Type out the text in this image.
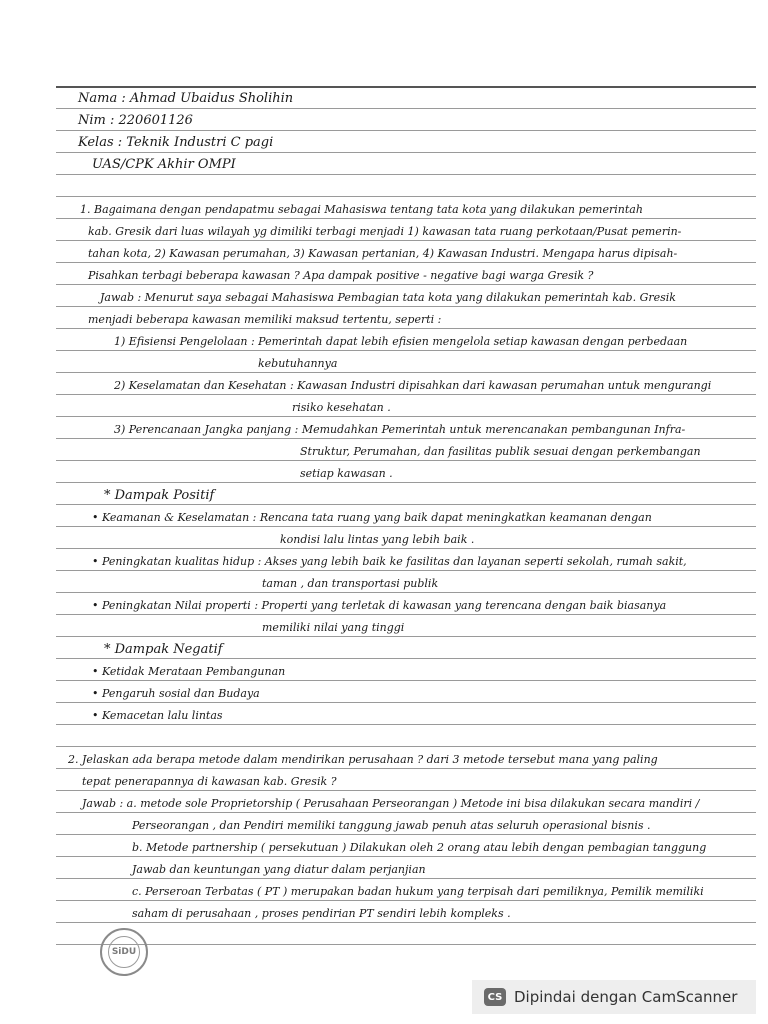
Nama : Ahmad Ubaidus Sholihin
Nim : 220601126
Kelas : Teknik Industri C pagi
UAS/CPK Akhir OMPI
1. Bagaimana dengan pendapatmu sebagai Mahasiswa tentang tata kota yang dilakukan pemerintah
kab. Gresik dari luas wilayah yg dimiliki terbagi menjadi 1) kawasan tata ruang perkotaan/Pusat pemerin-
tahan kota, 2) Kawasan perumahan, 3) Kawasan pertanian, 4) Kawasan Industri. Mengapa harus dipisah-
Pisahkan terbagi beberapa kawasan ? Apa dampak positive - negative bagi warga Gresik ?
Jawab : Menurut saya sebagai Mahasiswa Pembagian tata kota yang dilakukan pemerintah kab. Gresik
menjadi beberapa kawasan memiliki maksud tertentu, seperti :
1) Efisiensi Pengelolaan : Pemerintah dapat lebih efisien mengelola setiap kawasan dengan perbedaan
kebutuhannya
2) Keselamatan dan Kesehatan : Kawasan Industri dipisahkan dari kawasan perumahan untuk mengurangi
risiko kesehatan .
3) Perencanaan Jangka panjang : Memudahkan Pemerintah untuk merencanakan pembangunan Infra-
Struktur, Perumahan, dan fasilitas publik sesuai dengan perkembangan
setiap kawasan .
* Dampak Positif
• Keamanan & Keselamatan : Rencana tata ruang yang baik dapat meningkatkan keamanan dengan
kondisi lalu lintas yang lebih baik .
• Peningkatan kualitas hidup : Akses yang lebih baik ke fasilitas dan layanan seperti sekolah, rumah sakit,
taman , dan transportasi publik
• Peningkatan Nilai properti : Properti yang terletak di kawasan yang terencana dengan baik biasanya
memiliki nilai yang tinggi
* Dampak Negatif
• Ketidak Merataan Pembangunan
• Pengaruh sosial dan Budaya
• Kemacetan lalu lintas
2. Jelaskan ada berapa metode dalam mendirikan perusahaan ? dari 3 metode tersebut mana yang paling
tepat penerapannya di kawasan kab. Gresik ?
Jawab : a. metode sole Proprietorship ( Perusahaan Perseorangan ) Metode ini bisa dilakukan secara mandiri /
Perseorangan , dan Pendiri memiliki tanggung jawab penuh atas seluruh operasional bisnis .
b. Metode partnership ( persekutuan ) Dilakukan oleh 2 orang atau lebih dengan pembagian tanggung
Jawab dan keuntungan yang diatur dalam perjanjian
c. Perseroan Terbatas ( PT ) merupakan badan hukum yang terpisah dari pemiliknya, Pemilik memiliki
saham di perusahaan , proses pendirian PT sendiri lebih kompleks .
SiDU
CS Dipindai dengan CamScanner
